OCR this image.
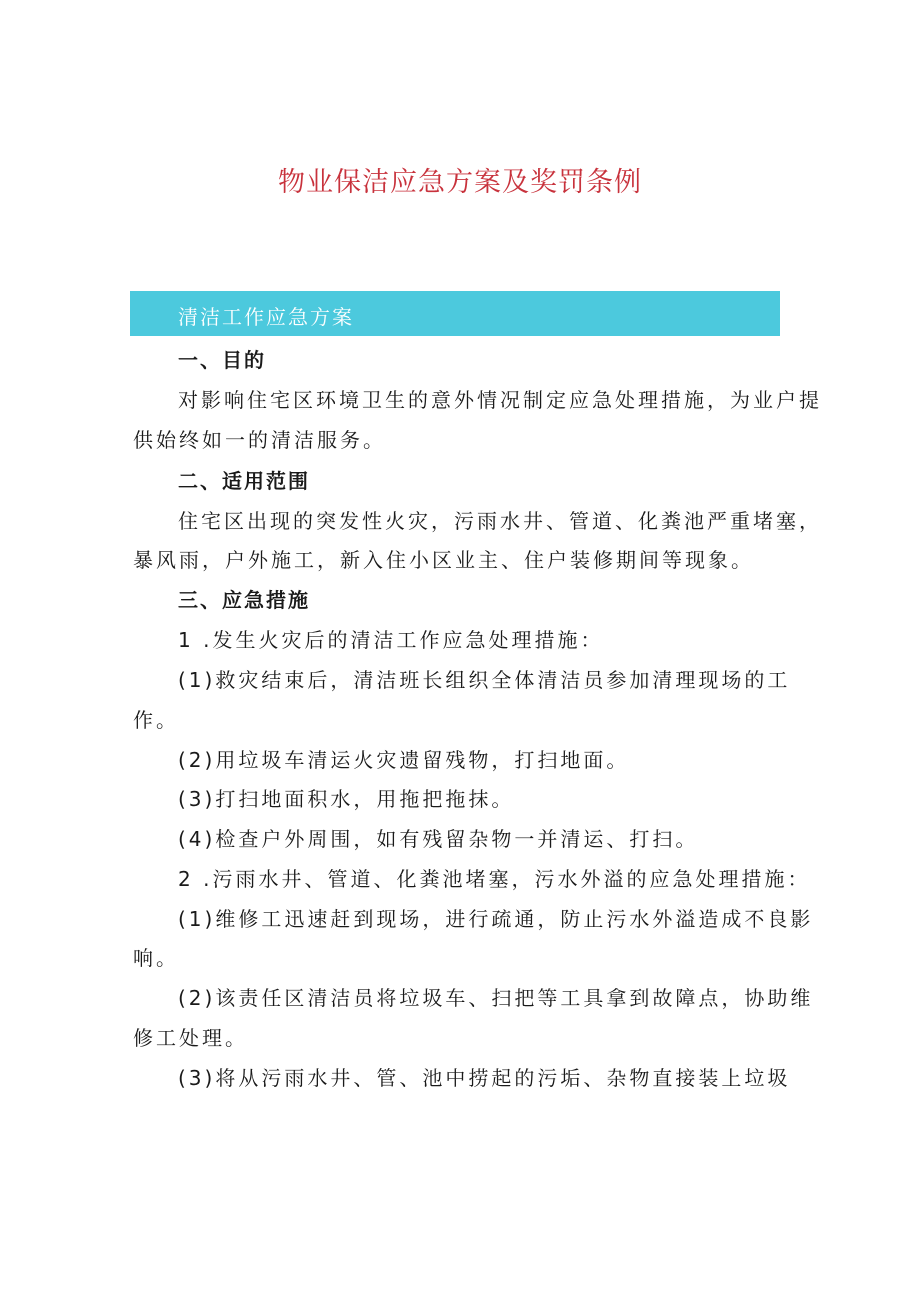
物业保洁应急方案及奖罚条例
清洁工作应急方案
一、目的
对影响住宅区环境卫生的意外情况制定应急处理措施，为业户提
供始终如一的清洁服务。
二、适用范围
住宅区出现的突发性火灾，污雨水井、管道、化粪池严重堵塞，
暴风雨，户外施工，新入住小区业主、住户装修期间等现象。
三、应急措施
1 .发生火灾后的清洁工作应急处理措施：
(1)救灾结束后，清洁班长组织全体清洁员参加清理现场的工
作。
(2)用垃圾车清运火灾遗留残物，打扫地面。
(3)打扫地面积水，用拖把拖抹。
(4)检查户外周围，如有残留杂物一并清运、打扫。
2 .污雨水井、管道、化粪池堵塞，污水外溢的应急处理措施：
(1)维修工迅速赶到现场，进行疏通，防止污水外溢造成不良影
响。
(2)该责任区清洁员将垃圾车、扫把等工具拿到故障点，协助维
修工处理。
(3)将从污雨水井、管、池中捞起的污垢、杂物直接装上垃圾
